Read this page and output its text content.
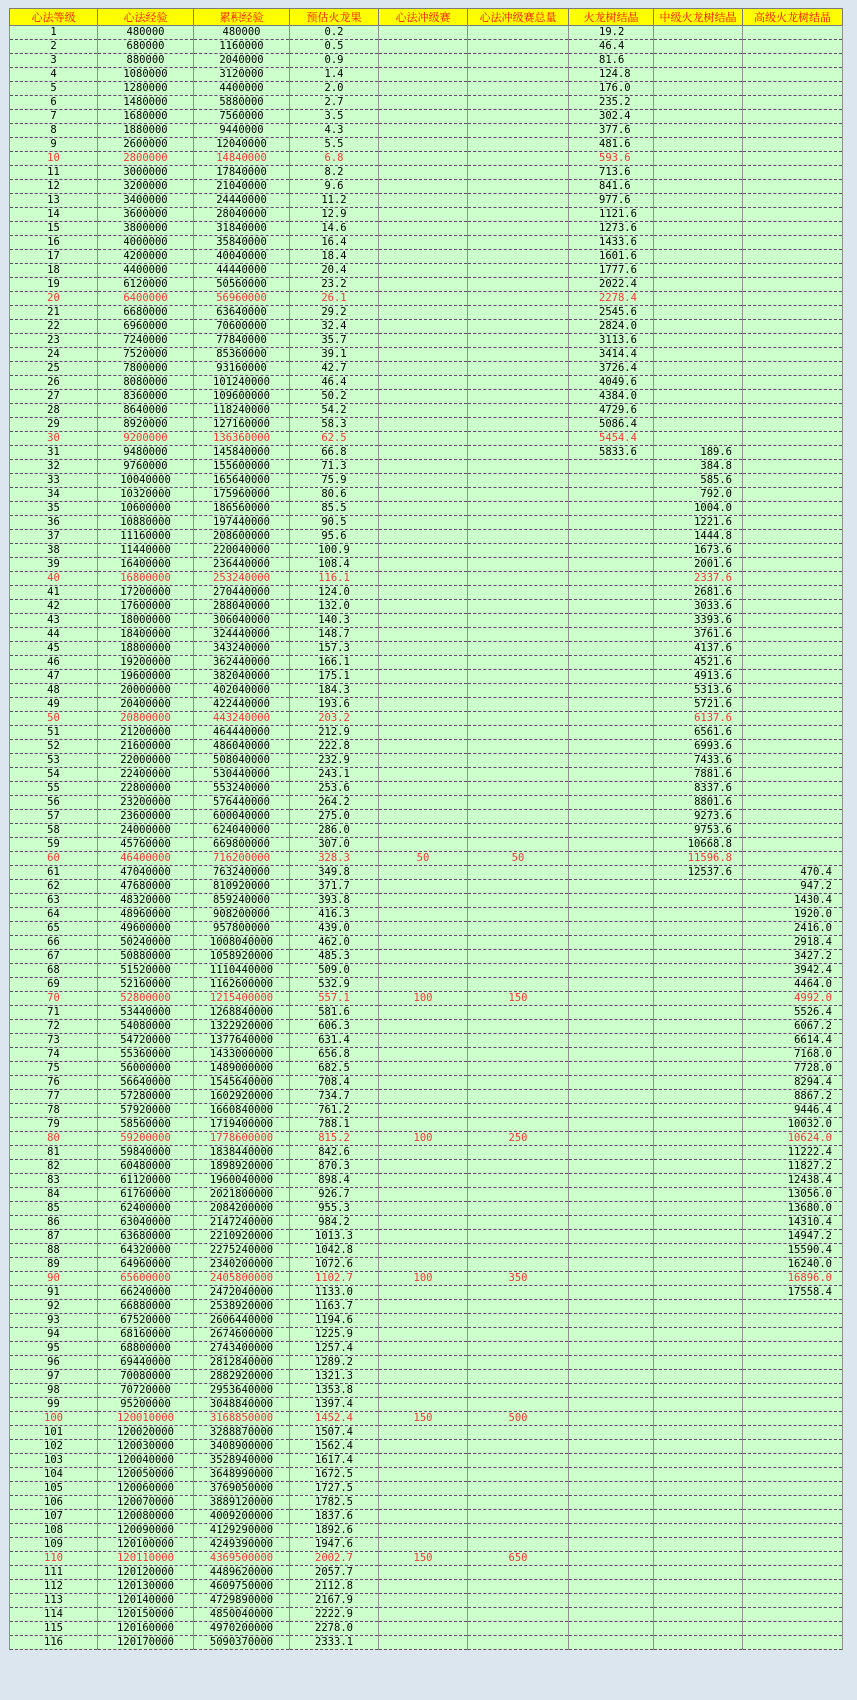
心法等级	心法经验	累积经验	预估火龙果	心法冲级赛	心法冲级赛总量	火龙树结晶	中级火龙树结晶	高级火龙树结晶
1	480000	480000	0.2			19.2		
2	680000	1160000	0.5			46.4		
3	880000	2040000	0.9			81.6		
4	1080000	3120000	1.4			124.8		
5	1280000	4400000	2.0			176.0		
6	1480000	5880000	2.7			235.2		
7	1680000	7560000	3.5			302.4		
8	1880000	9440000	4.3			377.6		
9	2600000	12040000	5.5			481.6		
10	2800000	14840000	6.8			593.6		
11	3000000	17840000	8.2			713.6		
12	3200000	21040000	9.6			841.6		
13	3400000	24440000	11.2			977.6		
14	3600000	28040000	12.9			1121.6		
15	3800000	31840000	14.6			1273.6		
16	4000000	35840000	16.4			1433.6		
17	4200000	40040000	18.4			1601.6		
18	4400000	44440000	20.4			1777.6		
19	6120000	50560000	23.2			2022.4		
20	6400000	56960000	26.1			2278.4		
21	6680000	63640000	29.2			2545.6		
22	6960000	70600000	32.4			2824.0		
23	7240000	77840000	35.7			3113.6		
24	7520000	85360000	39.1			3414.4		
25	7800000	93160000	42.7			3726.4		
26	8080000	101240000	46.4			4049.6		
27	8360000	109600000	50.2			4384.0		
28	8640000	118240000	54.2			4729.6		
29	8920000	127160000	58.3			5086.4		
30	9200000	136360000	62.5			5454.4		
31	9480000	145840000	66.8			5833.6	189.6	
32	9760000	155600000	71.3				384.8	
33	10040000	165640000	75.9				585.6	
34	10320000	175960000	80.6				792.0	
35	10600000	186560000	85.5				1004.0	
36	10880000	197440000	90.5				1221.6	
37	11160000	208600000	95.6				1444.8	
38	11440000	220040000	100.9				1673.6	
39	16400000	236440000	108.4				2001.6	
40	16800000	253240000	116.1				2337.6	
41	17200000	270440000	124.0				2681.6	
42	17600000	288040000	132.0				3033.6	
43	18000000	306040000	140.3				3393.6	
44	18400000	324440000	148.7				3761.6	
45	18800000	343240000	157.3				4137.6	
46	19200000	362440000	166.1				4521.6	
47	19600000	382040000	175.1				4913.6	
48	20000000	402040000	184.3				5313.6	
49	20400000	422440000	193.6				5721.6	
50	20800000	443240000	203.2				6137.6	
51	21200000	464440000	212.9				6561.6	
52	21600000	486040000	222.8				6993.6	
53	22000000	508040000	232.9				7433.6	
54	22400000	530440000	243.1				7881.6	
55	22800000	553240000	253.6				8337.6	
56	23200000	576440000	264.2				8801.6	
57	23600000	600040000	275.0				9273.6	
58	24000000	624040000	286.0				9753.6	
59	45760000	669800000	307.0				10668.8	
60	46400000	716200000	328.3	50	50		11596.8	
61	47040000	763240000	349.8				12537.6	470.4
62	47680000	810920000	371.7					947.2
63	48320000	859240000	393.8					1430.4
64	48960000	908200000	416.3					1920.0
65	49600000	957800000	439.0					2416.0
66	50240000	1008040000	462.0					2918.4
67	50880000	1058920000	485.3					3427.2
68	51520000	1110440000	509.0					3942.4
69	52160000	1162600000	532.9					4464.0
70	52800000	1215400000	557.1	100	150			4992.0
71	53440000	1268840000	581.6					5526.4
72	54080000	1322920000	606.3					6067.2
73	54720000	1377640000	631.4					6614.4
74	55360000	1433000000	656.8					7168.0
75	56000000	1489000000	682.5					7728.0
76	56640000	1545640000	708.4					8294.4
77	57280000	1602920000	734.7					8867.2
78	57920000	1660840000	761.2					9446.4
79	58560000	1719400000	788.1					10032.0
80	59200000	1778600000	815.2	100	250			10624.0
81	59840000	1838440000	842.6					11222.4
82	60480000	1898920000	870.3					11827.2
83	61120000	1960040000	898.4					12438.4
84	61760000	2021800000	926.7					13056.0
85	62400000	2084200000	955.3					13680.0
86	63040000	2147240000	984.2					14310.4
87	63680000	2210920000	1013.3					14947.2
88	64320000	2275240000	1042.8					15590.4
89	64960000	2340200000	1072.6					16240.0
90	65600000	2405800000	1102.7	100	350			16896.0
91	66240000	2472040000	1133.0					17558.4
92	66880000	2538920000	1163.7					
93	67520000	2606440000	1194.6					
94	68160000	2674600000	1225.9					
95	68800000	2743400000	1257.4					
96	69440000	2812840000	1289.2					
97	70080000	2882920000	1321.3					
98	70720000	2953640000	1353.8					
99	95200000	3048840000	1397.4					
100	120010000	3168850000	1452.4	150	500			
101	120020000	3288870000	1507.4					
102	120030000	3408900000	1562.4					
103	120040000	3528940000	1617.4					
104	120050000	3648990000	1672.5					
105	120060000	3769050000	1727.5					
106	120070000	3889120000	1782.5					
107	120080000	4009200000	1837.6					
108	120090000	4129290000	1892.6					
109	120100000	4249390000	1947.6					
110	120110000	4369500000	2002.7	150	650			
111	120120000	4489620000	2057.7					
112	120130000	4609750000	2112.8					
113	120140000	4729890000	2167.9					
114	120150000	4850040000	2222.9					
115	120160000	4970200000	2278.0					
116	120170000	5090370000	2333.1					
